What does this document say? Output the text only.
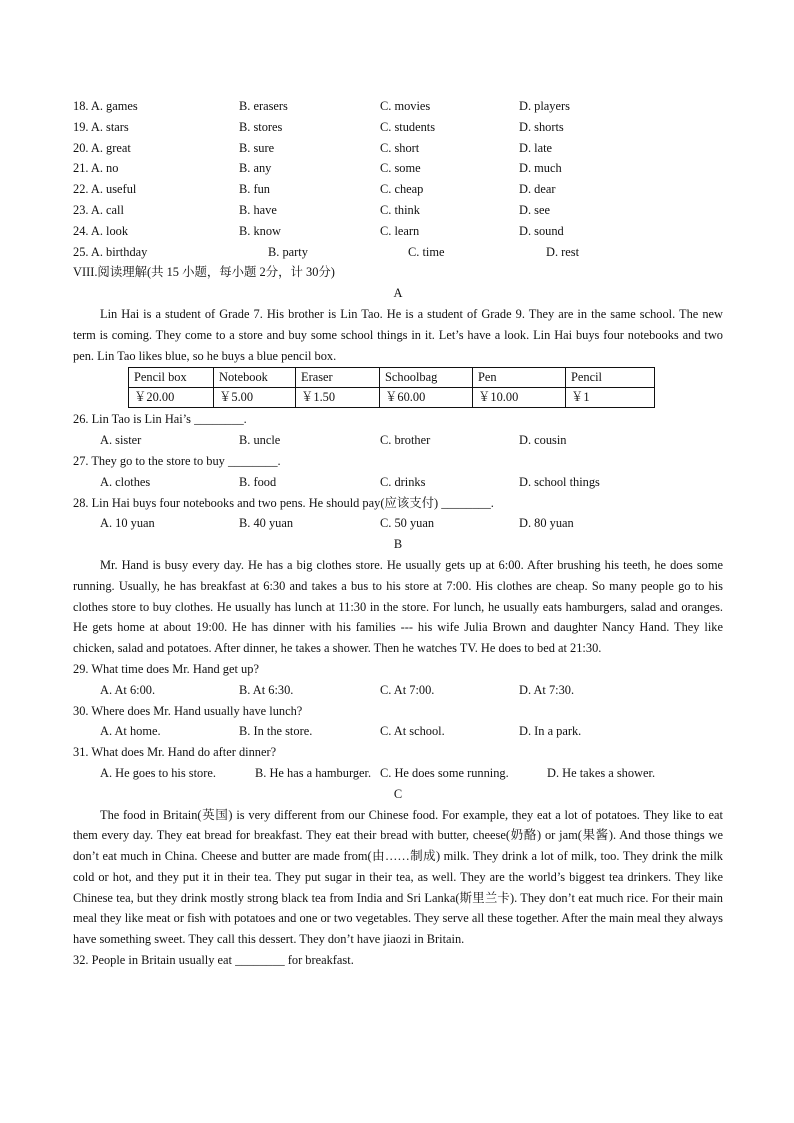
18. A. games	B. erasers	C. movies	D. players
19. A. stars	B. stores	C. students	D. shorts
20. A. great	B. sure	C. short	D. late
21. A. no	B. any	C. some	D. much
22. A. useful	B. fun	C. cheap	D. dear
23. A. call	B. have	C. think	D. see
24. A. look	B. know	C. learn	D. sound
25. A. birthday	B. party	C. time	D. rest
VIII.阅读理解(共 15 小题，每小题 2分，计 30分)
A

Lin Hai is a student of Grade 7. His brother is Lin Tao. He is a student of Grade 9. They are in the same school. The new term is coming. They come to a store and buy some school things in it. Let’s have a look. Lin Hai buys four notebooks and two pen. Lin Tao likes blue, so he buys a blue pencil box.

Pencil box	Notebook	Eraser	Schoolbag	Pen	Pencil
￥20.00	￥5.00	￥1.50	￥60.00	￥10.00	￥1
26. Lin Tao is Lin Hai’s ________.
A. sister	B. uncle	C. brother	D. cousin
27. They go to the store to buy ________.
A. clothes	B. food	C. drinks	D. school things
28. Lin Hai buys four notebooks and two pens. He should pay(应该支付) ________.
A. 10 yuan	B. 40 yuan	C. 50 yuan	D. 80 yuan
B

Mr. Hand is busy every day. He has a big clothes store. He usually gets up at 6:00. After brushing his teeth, he does some running. Usually, he has breakfast at 6:30 and takes a bus to his store at 7:00. His clothes are cheap. So many people go to his clothes store to buy clothes. He usually has lunch at 11:30 in the store. For lunch, he usually eats hamburgers, salad and oranges. He gets home at about 19:00. He has dinner with his families --- his wife Julia Brown and daughter Nancy Hand. They like chicken, salad and potatoes. After dinner, he takes a shower. Then he watches TV. He does to bed at 21:30.

29. What time does Mr. Hand get up?
A. At 6:00.	B. At 6:30.	C. At 7:00.	D. At 7:30.
30. Where does Mr. Hand usually have lunch?
A. At home.	B. In the store.	C. At school.	D. In a park.
31. What does Mr. Hand do after dinner?
A. He goes to his store.	B. He has a hamburger. C. He does some running.	D. He takes a shower.
C

The food in Britain(英国) is very different from our Chinese food. For example, they eat a lot of potatoes. They like to eat them every day. They eat bread for breakfast. They eat their bread with butter, cheese(奶酪) or jam(果酱). And those things we don’t eat much in China. Cheese and butter are made from(由……制成) milk. They drink a lot of milk, too. They drink the milk cold or hot, and they put it in their tea. They put sugar in their tea, as well. They are the world’s biggest tea drinkers. They like Chinese tea, but they drink mostly strong black tea from India and Sri Lanka(斯里兰卡). They don’t eat much rice. For their main meal they like meat or fish with potatoes and one or two vegetables. They serve all these together. After the main meal they always have something sweet. They call this dessert. They don’t have jiaozi in Britain.

32. People in Britain usually eat ________ for breakfast.
